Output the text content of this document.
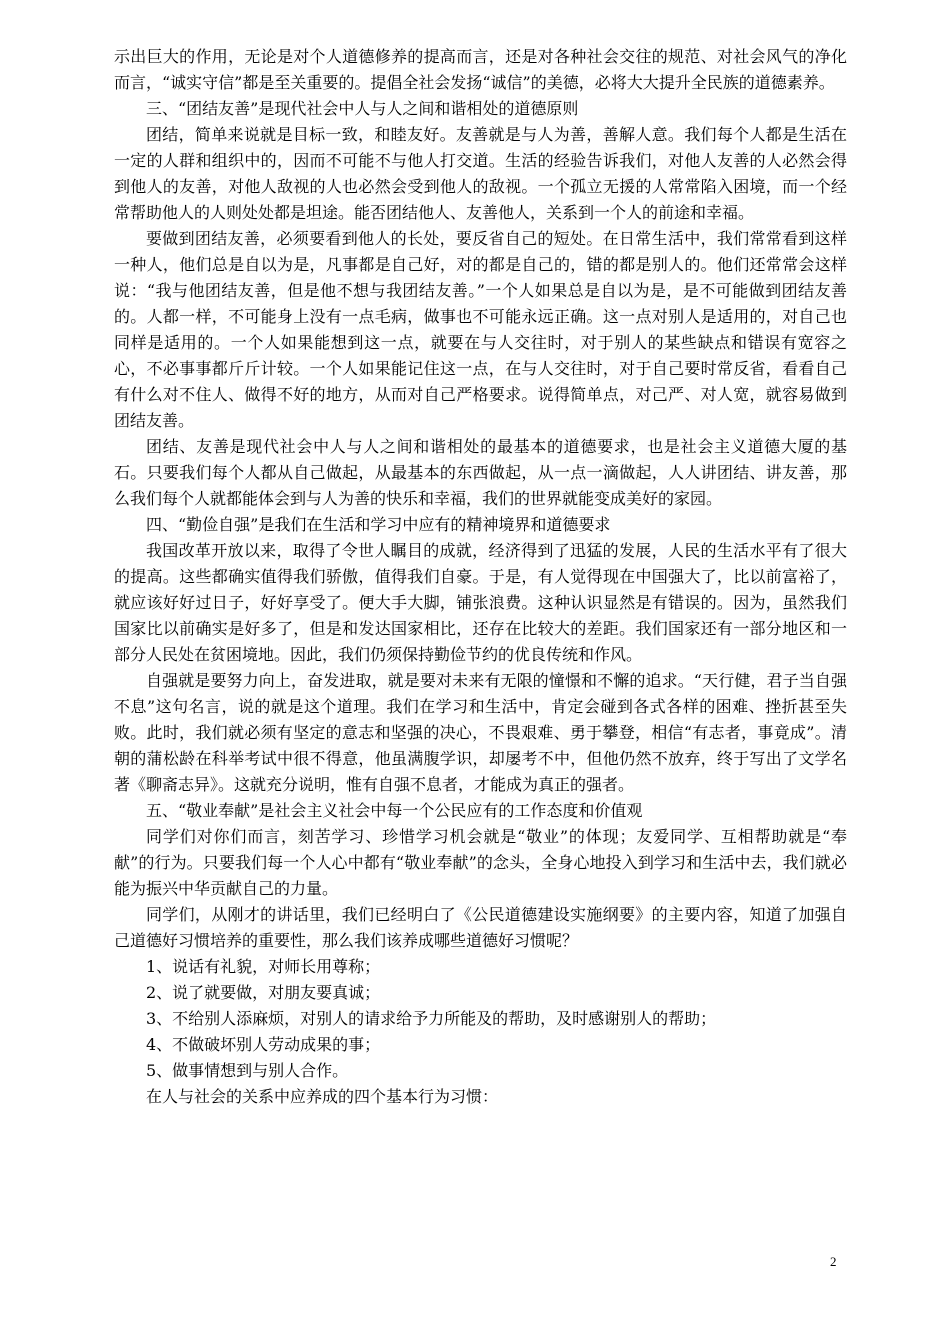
示出巨大的作用，无论是对个人道德修养的提高而言，还是对各种社会交往的规范、对社会风气的净化而言，“诚实守信”都是至关重要的。提倡全社会发扬“诚信”的美德，必将大大提升全民族的道德素养。

三、“团结友善”是现代社会中人与人之间和谐相处的道德原则

团结，简单来说就是目标一致，和睦友好。友善就是与人为善，善解人意。我们每个人都是生活在一定的人群和组织中的，因而不可能不与他人打交道。生活的经验告诉我们，对他人友善的人必然会得到他人的友善，对他人敌视的人也必然会受到他人的敌视。一个孤立无援的人常常陷入困境，而一个经常帮助他人的人则处处都是坦途。能否团结他人、友善他人，关系到一个人的前途和幸福。

要做到团结友善，必须要看到他人的长处，要反省自己的短处。在日常生活中，我们常常看到这样一种人，他们总是自以为是，凡事都是自己好，对的都是自己的，错的都是别人的。他们还常常会这样说：“我与他团结友善，但是他不想与我团结友善。”一个人如果总是自以为是，是不可能做到团结友善的。人都一样，不可能身上没有一点毛病，做事也不可能永远正确。这一点对别人是适用的，对自己也同样是适用的。一个人如果能想到这一点，就要在与人交往时，对于别人的某些缺点和错误有宽容之心，不必事事都斤斤计较。一个人如果能记住这一点，在与人交往时，对于自己要时常反省，看看自己有什么对不住人、做得不好的地方，从而对自己严格要求。说得简单点，对己严、对人宽，就容易做到团结友善。

团结、友善是现代社会中人与人之间和谐相处的最基本的道德要求，也是社会主义道德大厦的基石。只要我们每个人都从自己做起，从最基本的东西做起，从一点一滴做起，人人讲团结、讲友善，那么我们每个人就都能体会到与人为善的快乐和幸福，我们的世界就能变成美好的家园。

四、“勤俭自强”是我们在生活和学习中应有的精神境界和道德要求

我国改革开放以来，取得了令世人瞩目的成就，经济得到了迅猛的发展，人民的生活水平有了很大的提高。这些都确实值得我们骄傲，值得我们自豪。于是，有人觉得现在中国强大了，比以前富裕了，就应该好好过日子，好好享受了。便大手大脚，铺张浪费。这种认识显然是有错误的。因为，虽然我们国家比以前确实是好多了，但是和发达国家相比，还存在比较大的差距。我们国家还有一部分地区和一部分人民处在贫困境地。因此，我们仍须保持勤俭节约的优良传统和作风。

自强就是要努力向上，奋发进取，就是要对未来有无限的憧憬和不懈的追求。“天行健，君子当自强不息”这句名言，说的就是这个道理。我们在学习和生活中，肯定会碰到各式各样的困难、挫折甚至失败。此时，我们就必须有坚定的意志和坚强的决心，不畏艰难、勇于攀登，相信“有志者，事竟成”。清朝的蒲松龄在科举考试中很不得意，他虽满腹学识，却屡考不中，但他仍然不放弃，终于写出了文学名著《聊斋志异》。这就充分说明，惟有自强不息者，才能成为真正的强者。

五、“敬业奉献”是社会主义社会中每一个公民应有的工作态度和价值观

同学们对你们而言，刻苦学习、珍惜学习机会就是“敬业”的体现；友爱同学、互相帮助就是“奉献”的行为。只要我们每一个人心中都有“敬业奉献”的念头，全身心地投入到学习和生活中去，我们就必能为振兴中华贡献自己的力量。

同学们，从刚才的讲话里，我们已经明白了《公民道德建设实施纲要》的主要内容，知道了加强自己道德好习惯培养的重要性，那么我们该养成哪些道德好习惯呢？

1、说话有礼貌，对师长用尊称；

2、说了就要做，对朋友要真诚；

3、不给别人添麻烦，对别人的请求给予力所能及的帮助，及时感谢别人的帮助；

4、不做破坏别人劳动成果的事；

5、做事情想到与别人合作。

在人与社会的关系中应养成的四个基本行为习惯：

2
